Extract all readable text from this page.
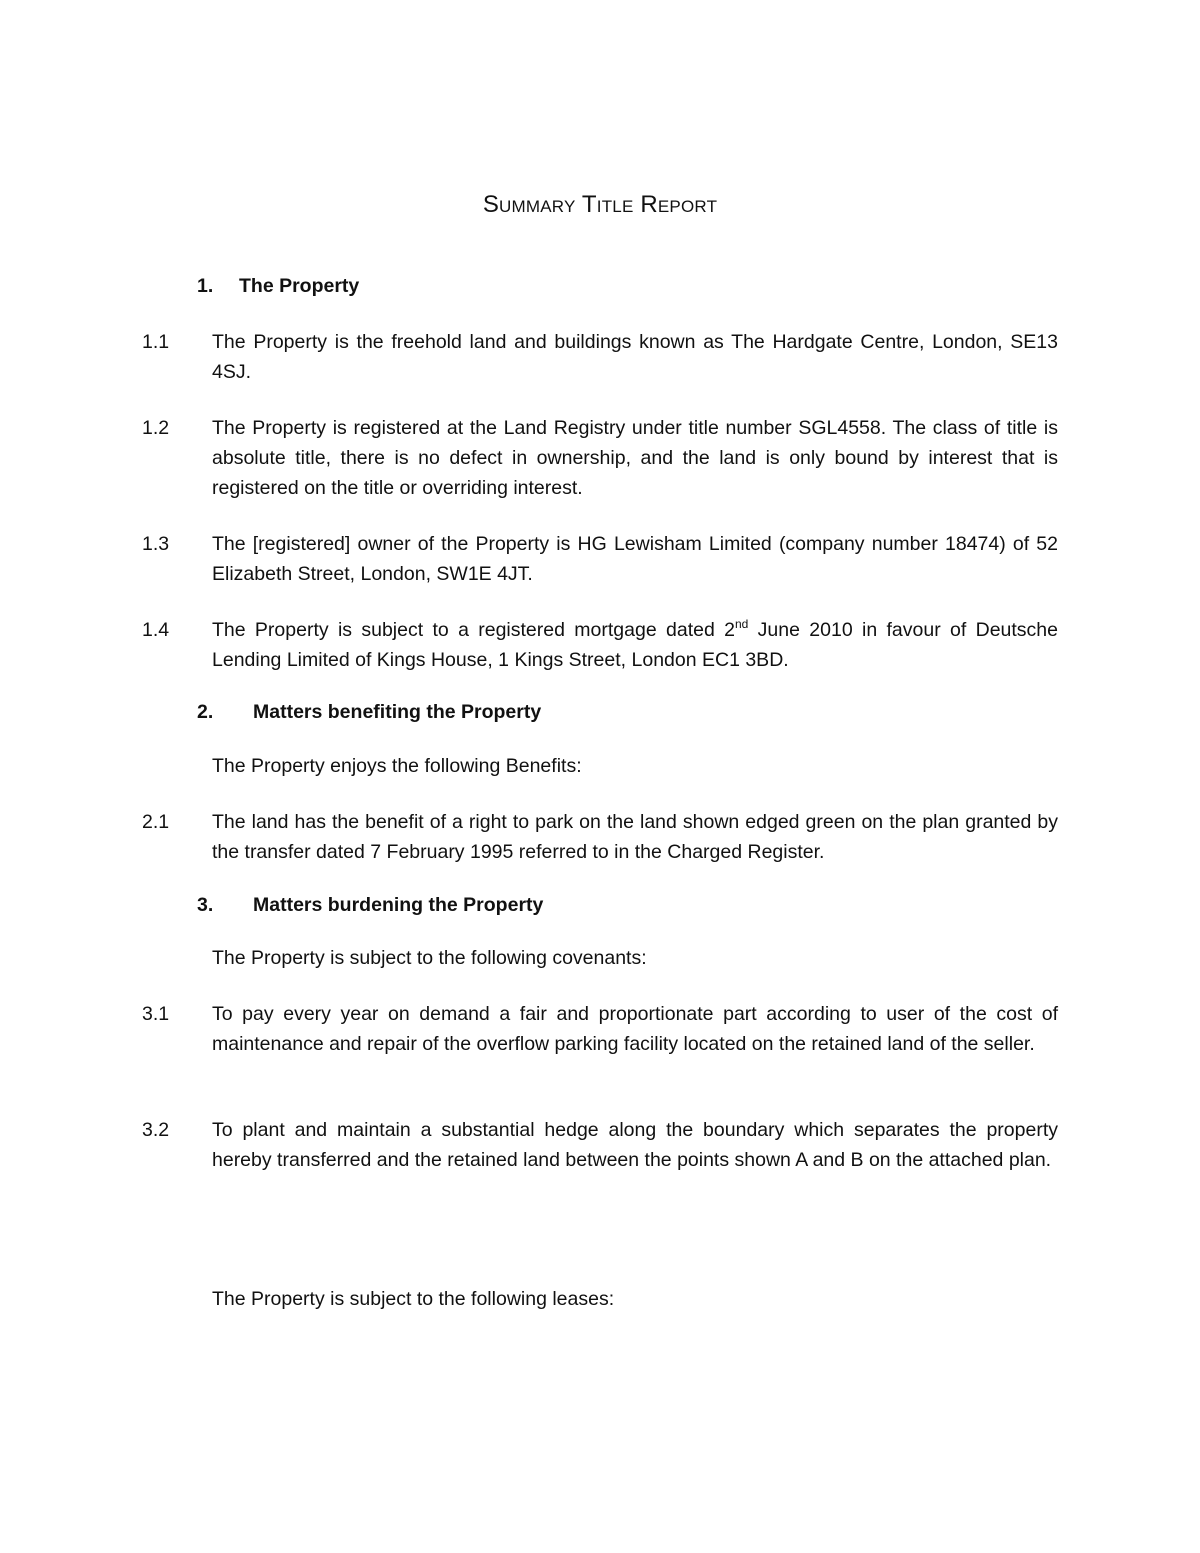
Summary Title Report
1. The Property
1.1 The Property is the freehold land and buildings known as The Hardgate Centre, London, SE13 4SJ.
1.2 The Property is registered at the Land Registry under title number SGL4558. The class of title is absolute title, there is no defect in ownership, and the land is only bound by interest that is registered on the title or overriding interest.
1.3 The [registered] owner of the Property is HG Lewisham Limited (company number 18474) of 52 Elizabeth Street, London, SW1E 4JT.
1.4 The Property is subject to a registered mortgage dated 2nd June 2010 in favour of Deutsche Lending Limited of Kings House, 1 Kings Street, London EC1 3BD.
2. Matters benefiting the Property
The Property enjoys the following Benefits:
2.1 The land has the benefit of a right to park on the land shown edged green on the plan granted by the transfer dated 7 February 1995 referred to in the Charged Register.
3. Matters burdening the Property
The Property is subject to the following covenants:
3.1 To pay every year on demand a fair and proportionate part according to user of the cost of maintenance and repair of the overflow parking facility located on the retained land of the seller.
3.2 To plant and maintain a substantial hedge along the boundary which separates the property hereby transferred and the retained land between the points shown A and B on the attached plan.
The Property is subject to the following leases:
